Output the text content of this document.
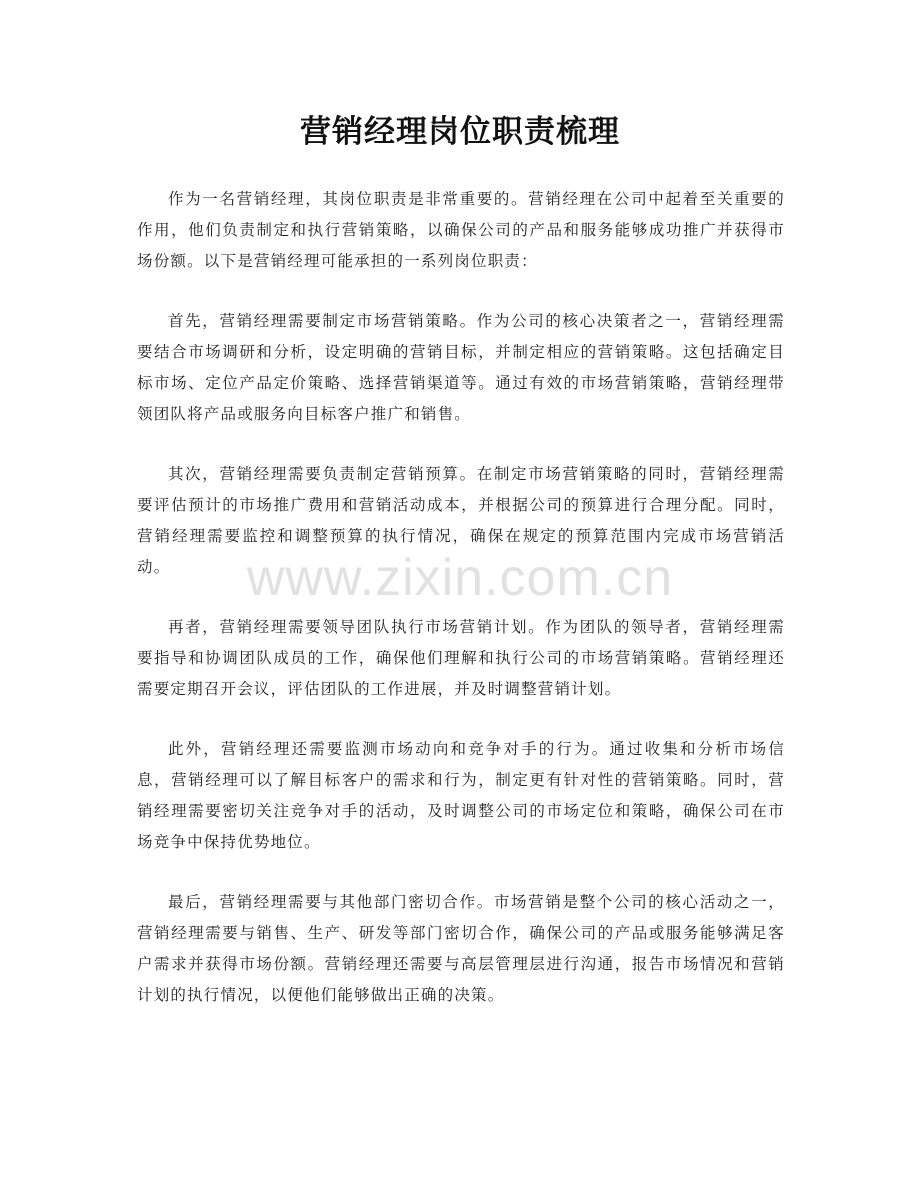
营销经理岗位职责梳理

作为一名营销经理，其岗位职责是非常重要的。营销经理在公司中起着至关重要的作用，他们负责制定和执行营销策略，以确保公司的产品和服务能够成功推广并获得市场份额。以下是营销经理可能承担的一系列岗位职责：

首先，营销经理需要制定市场营销策略。作为公司的核心决策者之一，营销经理需要结合市场调研和分析，设定明确的营销目标，并制定相应的营销策略。这包括确定目标市场、定位产品定价策略、选择营销渠道等。通过有效的市场营销策略，营销经理带领团队将产品或服务向目标客户推广和销售。

其次，营销经理需要负责制定营销预算。在制定市场营销策略的同时，营销经理需要评估预计的市场推广费用和营销活动成本，并根据公司的预算进行合理分配。同时，营销经理需要监控和调整预算的执行情况，确保在规定的预算范围内完成市场营销活动。

再者，营销经理需要领导团队执行市场营销计划。作为团队的领导者，营销经理需要指导和协调团队成员的工作，确保他们理解和执行公司的市场营销策略。营销经理还需要定期召开会议，评估团队的工作进展，并及时调整营销计划。

此外，营销经理还需要监测市场动向和竞争对手的行为。通过收集和分析市场信息，营销经理可以了解目标客户的需求和行为，制定更有针对性的营销策略。同时，营销经理需要密切关注竞争对手的活动，及时调整公司的市场定位和策略，确保公司在市场竞争中保持优势地位。

最后，营销经理需要与其他部门密切合作。市场营销是整个公司的核心活动之一，营销经理需要与销售、生产、研发等部门密切合作，确保公司的产品或服务能够满足客户需求并获得市场份额。营销经理还需要与高层管理层进行沟通，报告市场情况和营销计划的执行情况，以便他们能够做出正确的决策。

www.zixin.com.cn
